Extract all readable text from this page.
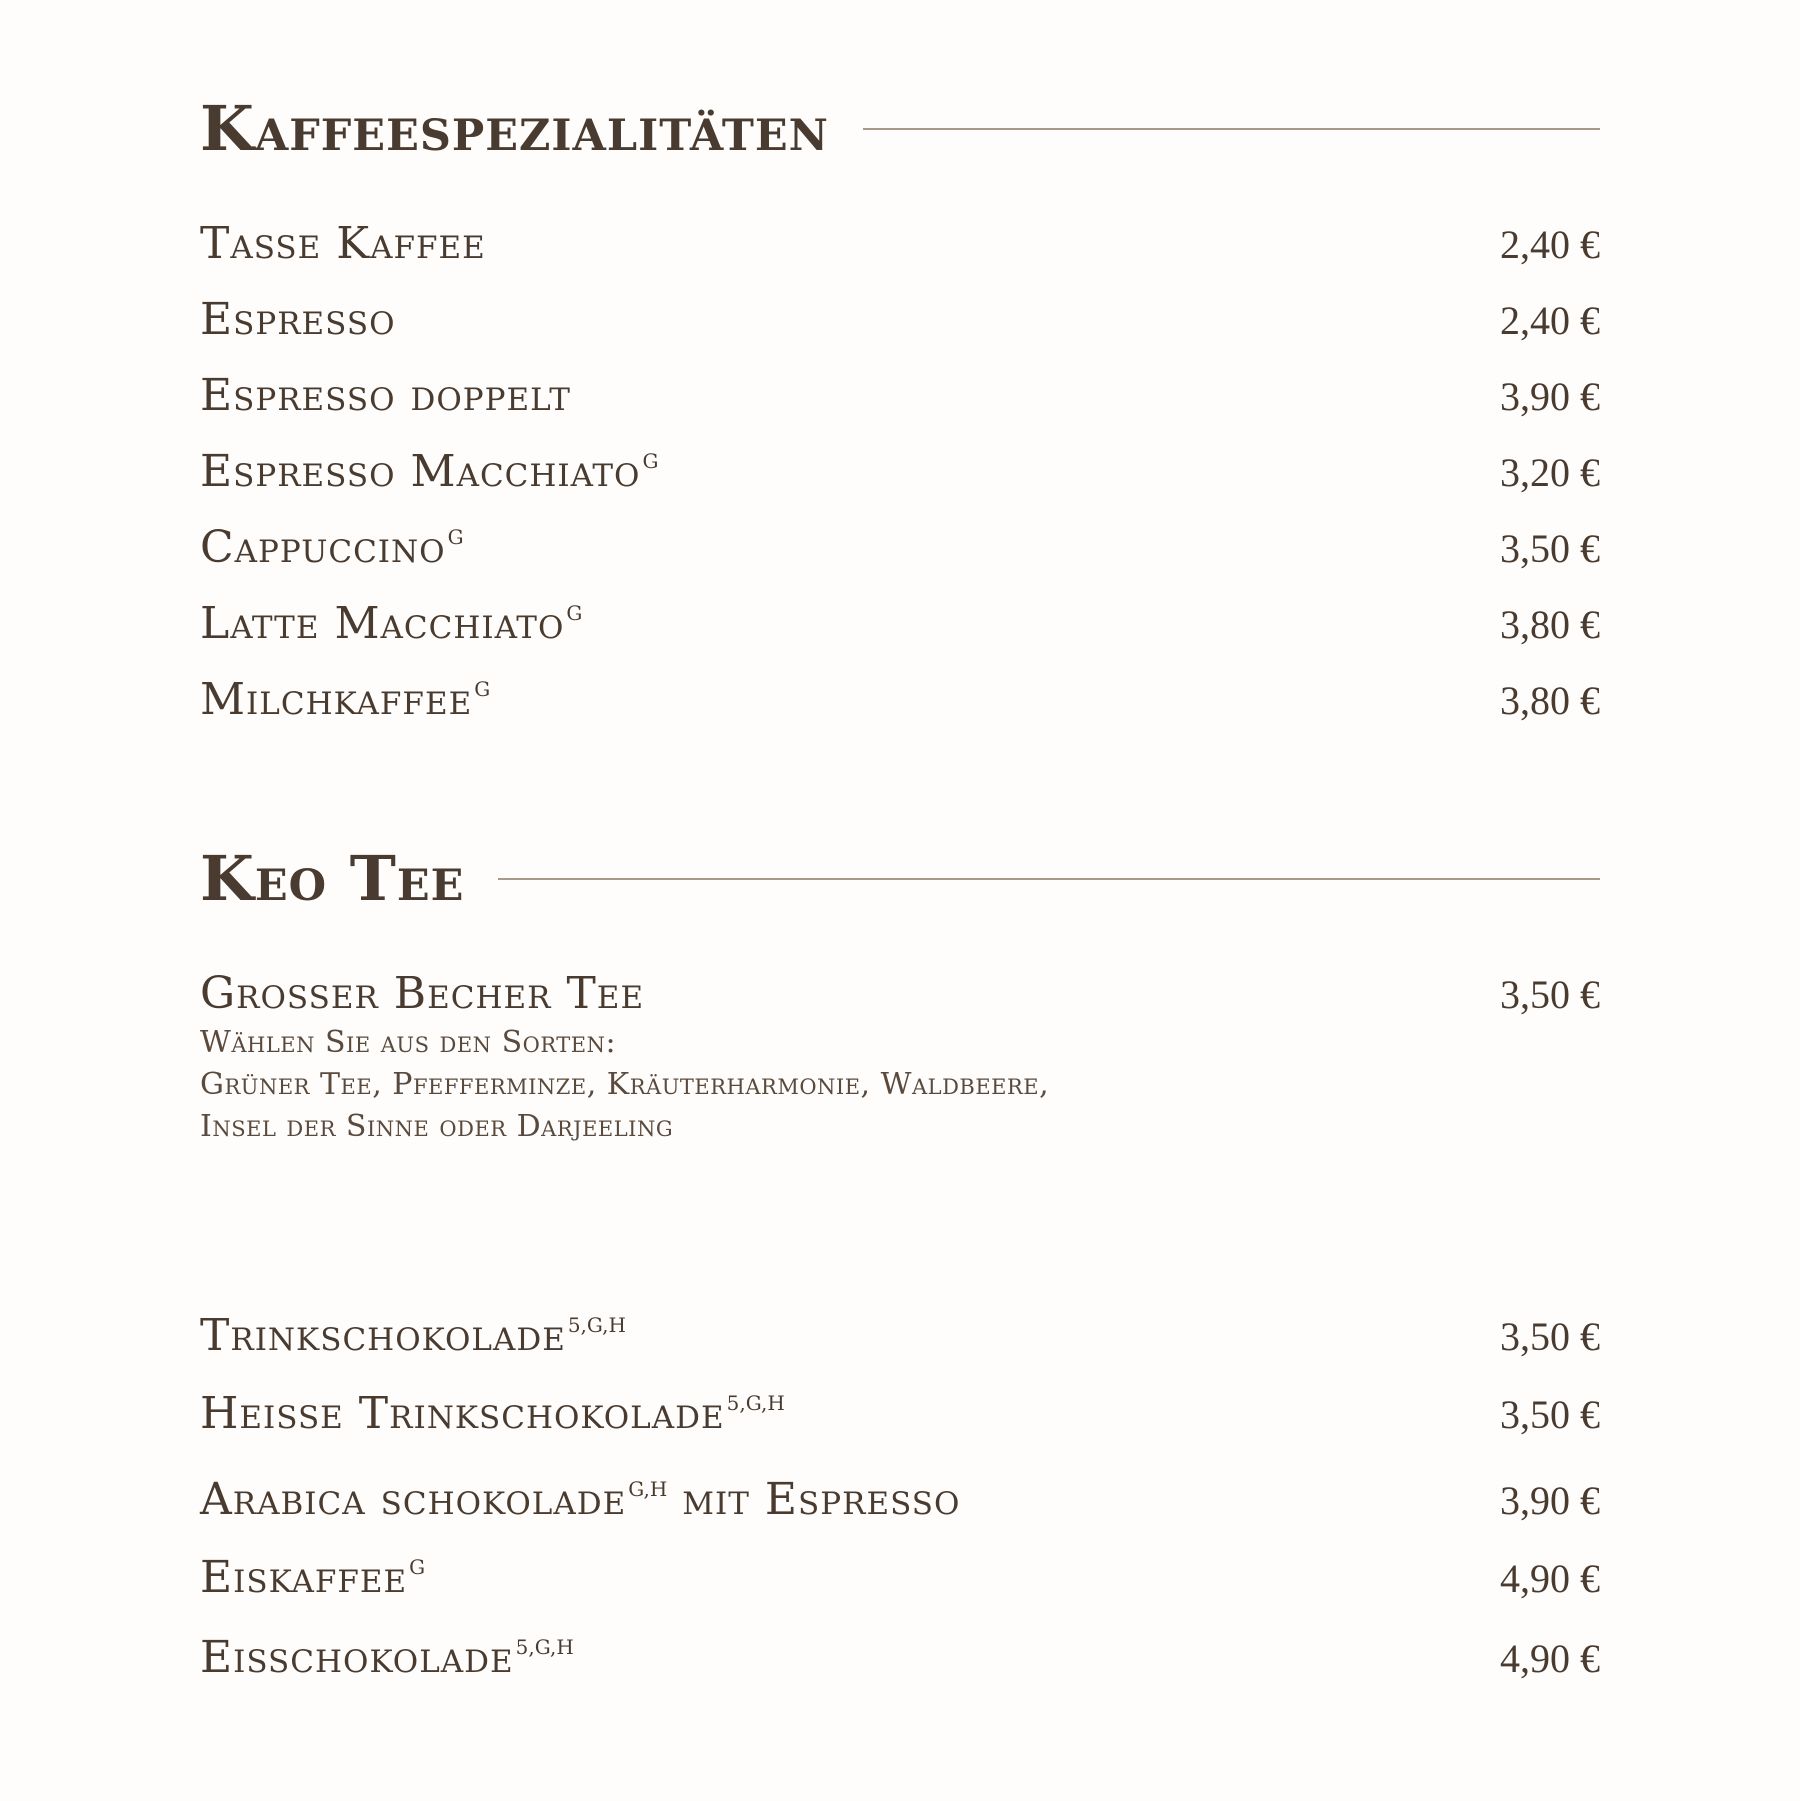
Kaffeespezialitäten
Tasse Kaffee	2,40 €
Espresso	2,40 €
Espresso doppelt	3,90 €
Espresso Macchiato $^G$	3,20 €
Cappuccino $^G$	3,50 €
Latte Macchiato $^G$	3,80 €
Milchkaffee $^G$	3,80 €
Keo Tee
Grosser Becher Tee	3,50 €
Wählen Sie aus den Sorten:
Grüner Tee, Pfefferminze, Kräuterharmonie, Waldbeere,
Insel der Sinne oder Darjeeling
Trinkschokolade $^{5,G,H}$	3,50 €
Heisse Trinkschokolade $^{5,G,H}$	3,50 €
Arabica schokolade $^{G,H}$ mit Espresso	3,90 €
Eiskaffee $^G$	4,90 €
Eisschokolade $^{5,G,H}$	4,90 €
